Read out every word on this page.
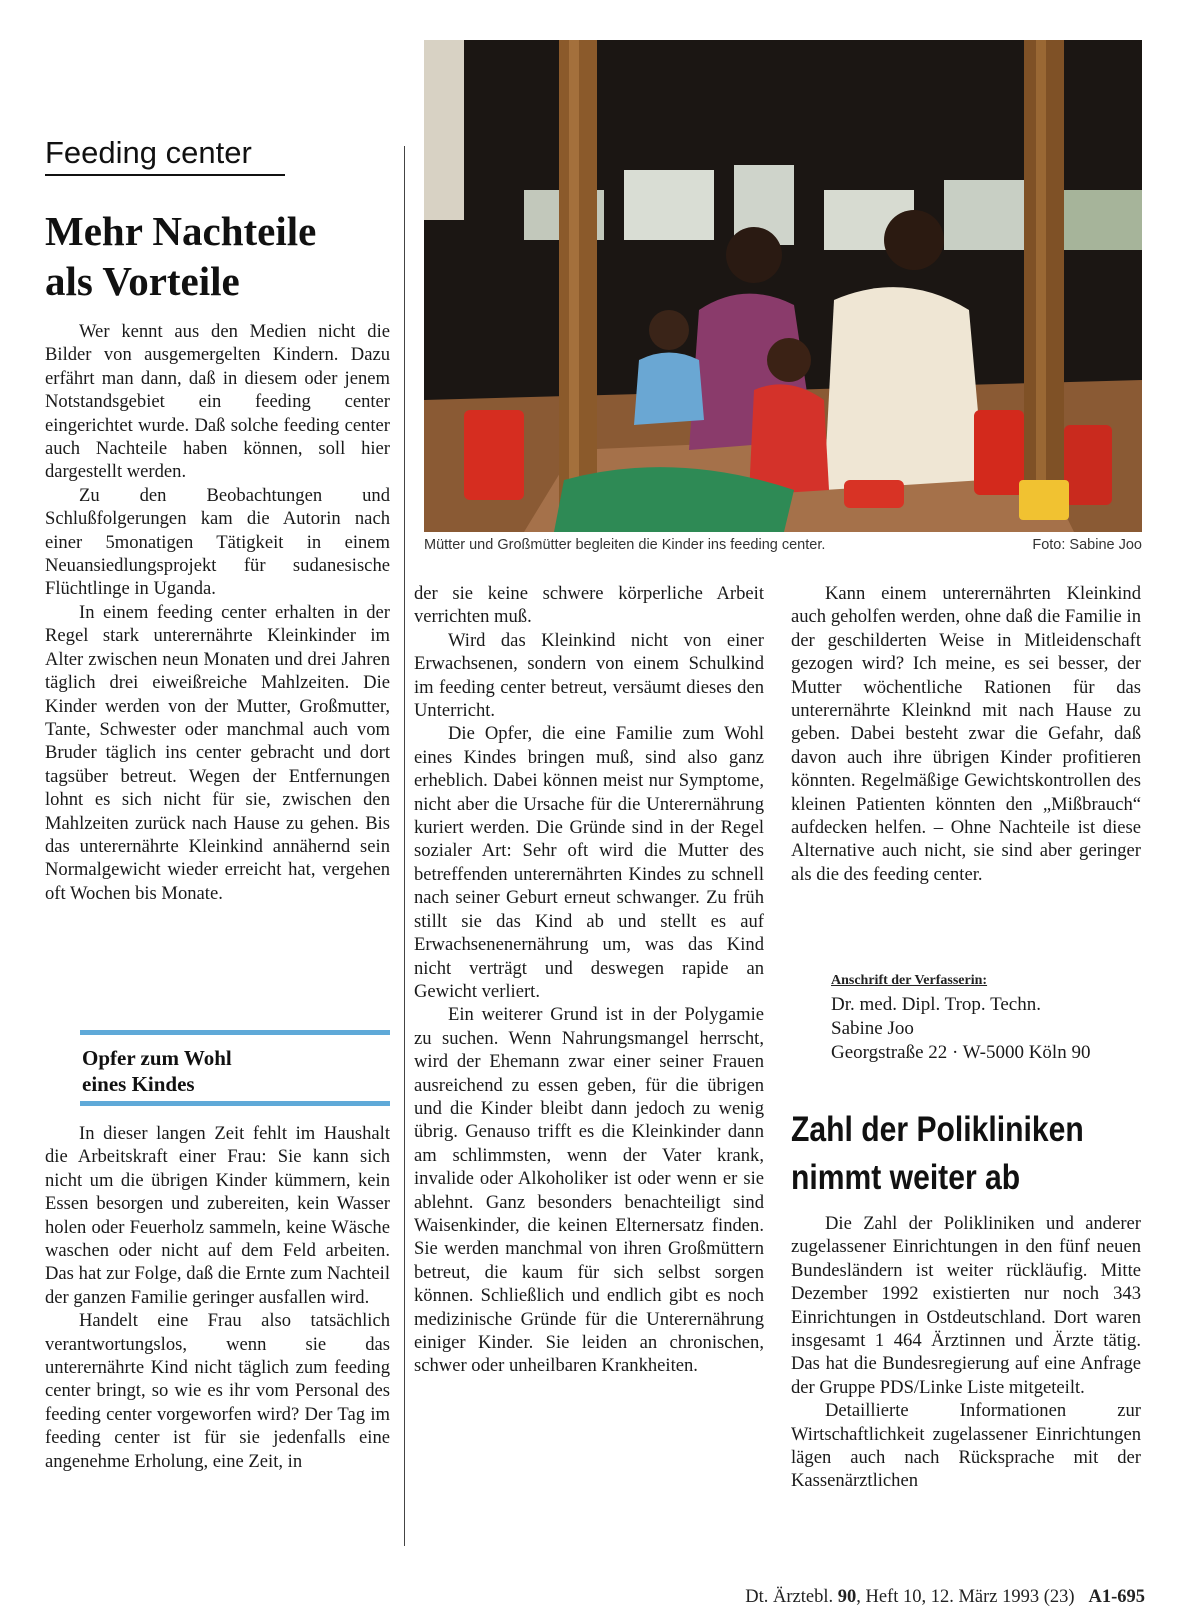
Feeding center
Mehr Nachteile
als Vorteile

Wer kennt aus den Medien nicht die Bilder von ausgemergelten Kindern. Dazu erfährt man dann, daß in diesem oder jenem Notstandsgebiet ein feeding center eingerichtet wurde. Daß solche feeding center auch Nachteile haben können, soll hier dargestellt werden.

Zu den Beobachtungen und Schlußfolgerungen kam die Autorin nach einer 5monatigen Tätigkeit in einem Neuansiedlungsprojekt für sudanesische Flüchtlinge in Uganda.

In einem feeding center erhalten in der Regel stark unterernährte Kleinkinder im Alter zwischen neun Monaten und drei Jahren täglich drei eiweißreiche Mahlzeiten. Die Kinder werden von der Mutter, Großmutter, Tante, Schwester oder manchmal auch vom Bruder täglich ins center gebracht und dort tagsüber betreut. Wegen der Entfernungen lohnt es sich nicht für sie, zwischen den Mahlzeiten zurück nach Hause zu gehen. Bis das unterernährte Kleinkind annähernd sein Normalgewicht wieder erreicht hat, vergehen oft Wochen bis Monate.

Opfer zum Wohl
eines Kindes

In dieser langen Zeit fehlt im Haushalt die Arbeitskraft einer Frau: Sie kann sich nicht um die übrigen Kinder kümmern, kein Essen besorgen und zubereiten, kein Wasser holen oder Feuerholz sammeln, keine Wäsche waschen oder nicht auf dem Feld arbeiten. Das hat zur Folge, daß die Ernte zum Nachteil der ganzen Familie geringer ausfallen wird.

Handelt eine Frau also tatsächlich verantwortungslos, wenn sie das unterernährte Kind nicht täglich zum feeding center bringt, so wie es ihr vom Personal des feeding center vorgeworfen wird? Der Tag im feeding center ist für sie jedenfalls eine angenehme Erholung, eine Zeit, in

Mütter und Großmütter begleiten die Kinder ins feeding center.	Foto: Sabine Joo

der sie keine schwere körperliche Arbeit verrichten muß.

Wird das Kleinkind nicht von einer Erwachsenen, sondern von einem Schulkind im feeding center betreut, versäumt dieses den Unterricht.

Die Opfer, die eine Familie zum Wohl eines Kindes bringen muß, sind also ganz erheblich. Dabei können meist nur Symptome, nicht aber die Ursache für die Unterernährung kuriert werden. Die Gründe sind in der Regel sozialer Art: Sehr oft wird die Mutter des betreffenden unterernährten Kindes zu schnell nach seiner Geburt erneut schwanger. Zu früh stillt sie das Kind ab und stellt es auf Erwachsenenernährung um, was das Kind nicht verträgt und deswegen rapide an Gewicht verliert.

Ein weiterer Grund ist in der Polygamie zu suchen. Wenn Nahrungsmangel herrscht, wird der Ehemann zwar einer seiner Frauen ausreichend zu essen geben, für die übrigen und die Kinder bleibt dann jedoch zu wenig übrig. Genauso trifft es die Kleinkinder dann am schlimmsten, wenn der Vater krank, invalide oder Alkoholiker ist oder wenn er sie ablehnt. Ganz besonders benachteiligt sind Waisenkinder, die keinen Elternersatz finden. Sie werden manchmal von ihren Großmüttern betreut, die kaum für sich selbst sorgen können. Schließlich und endlich gibt es noch medizinische Gründe für die Unterernährung einiger Kinder. Sie leiden an chronischen, schwer oder unheilbaren Krankheiten.

Kann einem unterernährten Kleinkind auch geholfen werden, ohne daß die Familie in der geschilderten Weise in Mitleidenschaft gezogen wird? Ich meine, es sei besser, der Mutter wöchentliche Rationen für das unterernährte Kleinknd mit nach Hause zu geben. Dabei besteht zwar die Gefahr, daß davon auch ihre übrigen Kinder profitieren könnten. Regelmäßige Gewichtskontrollen des kleinen Patienten könnten den „Mißbrauch“ aufdecken helfen. – Ohne Nachteile ist diese Alternative auch nicht, sie sind aber geringer als die des feeding center.

Anschrift der Verfasserin:
Dr. med. Dipl. Trop. Techn.
Sabine Joo
Georgstraße 22 · W-5000 Köln 90
Zahl der Polikliniken
nimmt weiter ab

Die Zahl der Polikliniken und anderer zugelassener Einrichtungen in den fünf neuen Bundesländern ist weiter rückläufig. Mitte Dezember 1992 existierten nur noch 343 Einrichtungen in Ostdeutschland. Dort waren insgesamt 1 464 Ärztinnen und Ärzte tätig. Das hat die Bundesregierung auf eine Anfrage der Gruppe PDS/Linke Liste mitgeteilt.

Detaillierte Informationen zur Wirtschaftlichkeit zugelassener Einrichtungen lägen auch nach Rücksprache mit der Kassenärztlichen

Dt. Ärztebl. 90, Heft 10, 12. März 1993 (23) A1-695
